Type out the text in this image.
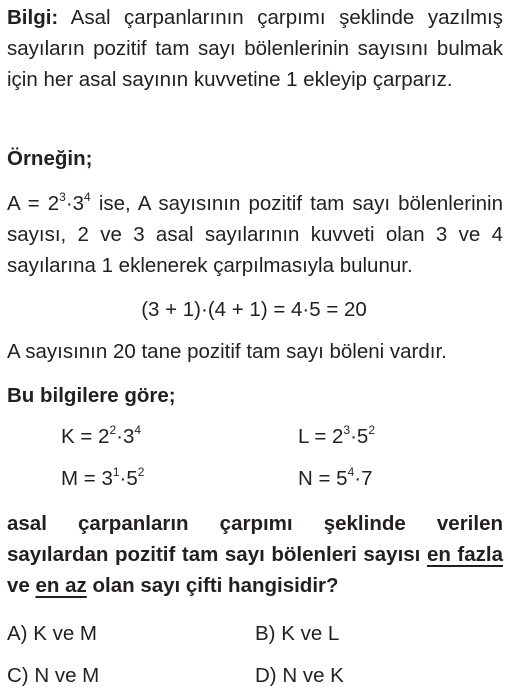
Bilgi: Asal çarpanlarının çarpımı şeklinde yazılmış sayıların pozitif tam sayı bölenlerinin sayısını bulmak için her asal sayının kuvvetine 1 ekleyip çarparız.
Örneğin;
$A = 2^3\cdot 3^4$ ise, A sayısının pozitif tam sayı bölenlerinin sayısı, 2 ve 3 asal sayılarının kuvveti olan 3 ve 4 sayılarına 1 eklenerek çarpılmasıyla bulunur.
(3 + 1)·(4 + 1) = 4·5 = 20
A sayısının 20 tane pozitif tam sayı böleni vardır.
Bu bilgilere göre;
$K = 2^2\cdot 3^4$	$L = 2^3\cdot 5^2$
$M = 3^1\cdot 5^2$	$N = 5^4\cdot 7$
asal çarpanların çarpımı şeklinde verilen sayılardan pozitif tam sayı bölenleri sayısı en fazla ve en az olan sayı çifti hangisidir?
A) K ve M	B) K ve L
C) N ve M	D) N ve K
